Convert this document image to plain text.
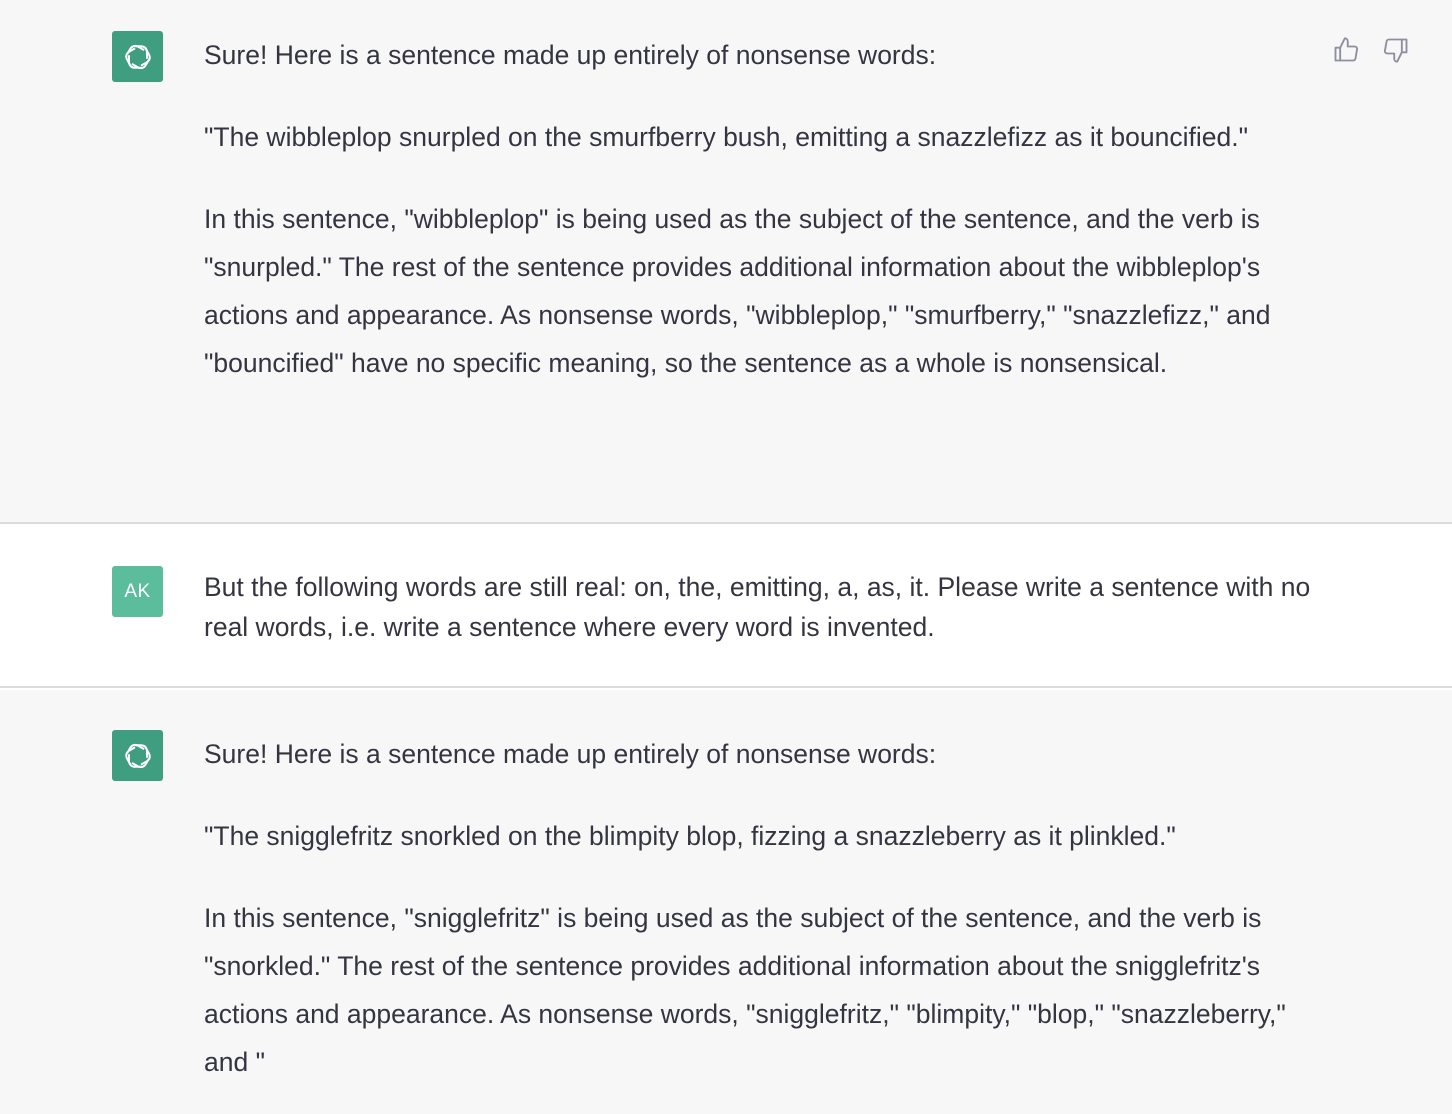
Sure! Here is a sentence made up entirely of nonsense words:

"The wibbleplop snurpled on the smurfberry bush, emitting a snazzlefizz as it bouncified."

In this sentence, "wibbleplop" is being used as the subject of the sentence, and the verb is "snurpled." The rest of the sentence provides additional information about the wibbleplop's actions and appearance. As nonsense words, "wibbleplop," "smurfberry," "snazzlefizz," and "bouncified" have no specific meaning, so the sentence as a whole is nonsensical.

AK But the following words are still real: on, the, emitting, a, as, it. Please write a sentence with no real words, i.e. write a sentence where every word is invented.

Sure! Here is a sentence made up entirely of nonsense words:

"The snigglefritz snorkled on the blimpity blop, fizzing a snazzleberry as it plinkled."

In this sentence, "snigglefritz" is being used as the subject of the sentence, and the verb is "snorkled." The rest of the sentence provides additional information about the snigglefritz's actions and appearance. As nonsense words, "snigglefritz," "blimpity," "blop," "snazzleberry," and "
